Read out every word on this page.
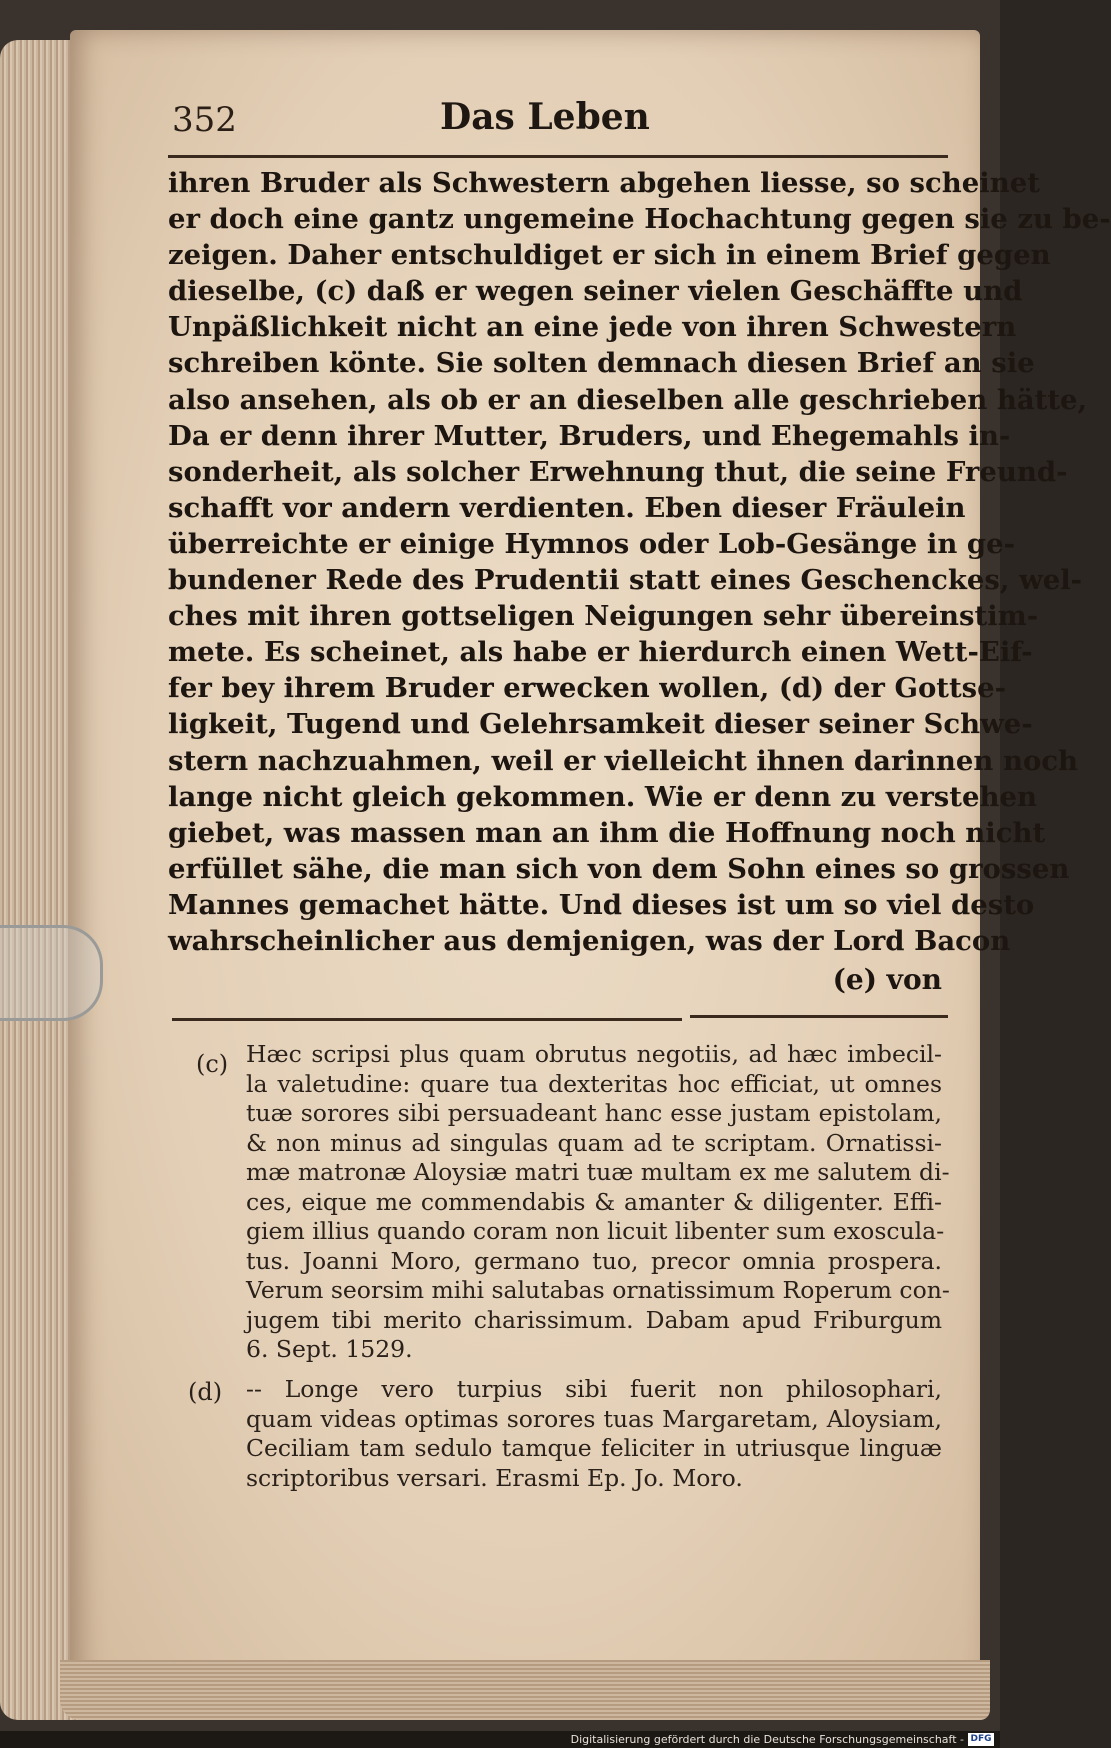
352	Das Leben
ihren Bruder als Schwestern abgehen liesse, so scheinet
er doch eine gantz ungemeine Hochachtung gegen sie zu be-
zeigen. Daher entschuldiget er sich in einem Brief gegen
dieselbe, (c) daß er wegen seiner vielen Geschäffte und
Unpäßlichkeit nicht an eine jede von ihren Schwestern
schreiben könte. Sie solten demnach diesen Brief an sie
also ansehen, als ob er an dieselben alle geschrieben hätte,
Da er denn ihrer Mutter, Bruders, und Ehegemahls in-
sonderheit, als solcher Erwehnung thut, die seine Freund-
schafft vor andern verdienten. Eben dieser Fräulein
überreichte er einige Hymnos oder Lob-Gesänge in ge-
bundener Rede des Prudentii statt eines Geschenckes, wel-
ches mit ihren gottseligen Neigungen sehr übereinstim-
mete. Es scheinet, als habe er hierdurch einen Wett-Eif-
fer bey ihrem Bruder erwecken wollen, (d) der Gottse-
ligkeit, Tugend und Gelehrsamkeit dieser seiner Schwe-
stern nachzuahmen, weil er vielleicht ihnen darinnen noch
lange nicht gleich gekommen. Wie er denn zu verstehen
giebet, was massen man an ihm die Hoffnung noch nicht
erfüllet sähe, die man sich von dem Sohn eines so grossen
Mannes gemachet hätte. Und dieses ist um so viel desto
wahrscheinlicher aus demjenigen, was der Lord Bacon
(e) von
(c) Hæc scripsi plus quam obrutus negotiis, ad hæc imbecil-
la valetudine: quare tua dexteritas hoc efficiat, ut omnes
tuæ sorores sibi persuadeant hanc esse justam epistolam,
& non minus ad singulas quam ad te scriptam. Ornatissi-
mæ matronæ Aloysiæ matri tuæ multam ex me salutem di-
ces, eique me commendabis & amanter & diligenter. Effi-
giem illius quando coram non licuit libenter sum exoscula-
tus. Joanni Moro, germano tuo, precor omnia prospera.
Verum seorsim mihi salutabas ornatissimum Roperum con-
jugem tibi merito charissimum. Dabam apud Friburgum
6. Sept. 1529.
(d) -- Longe vero turpius sibi fuerit non philosophari,
quam videas optimas sorores tuas Margaretam, Aloysiam,
Ceciliam tam sedulo tamque feliciter in utriusque linguæ
scriptoribus versari. Erasmi Ep. Jo. Moro.
Digitalisierung gefördert durch die Deutsche Forschungsgemeinschaft - DFG
